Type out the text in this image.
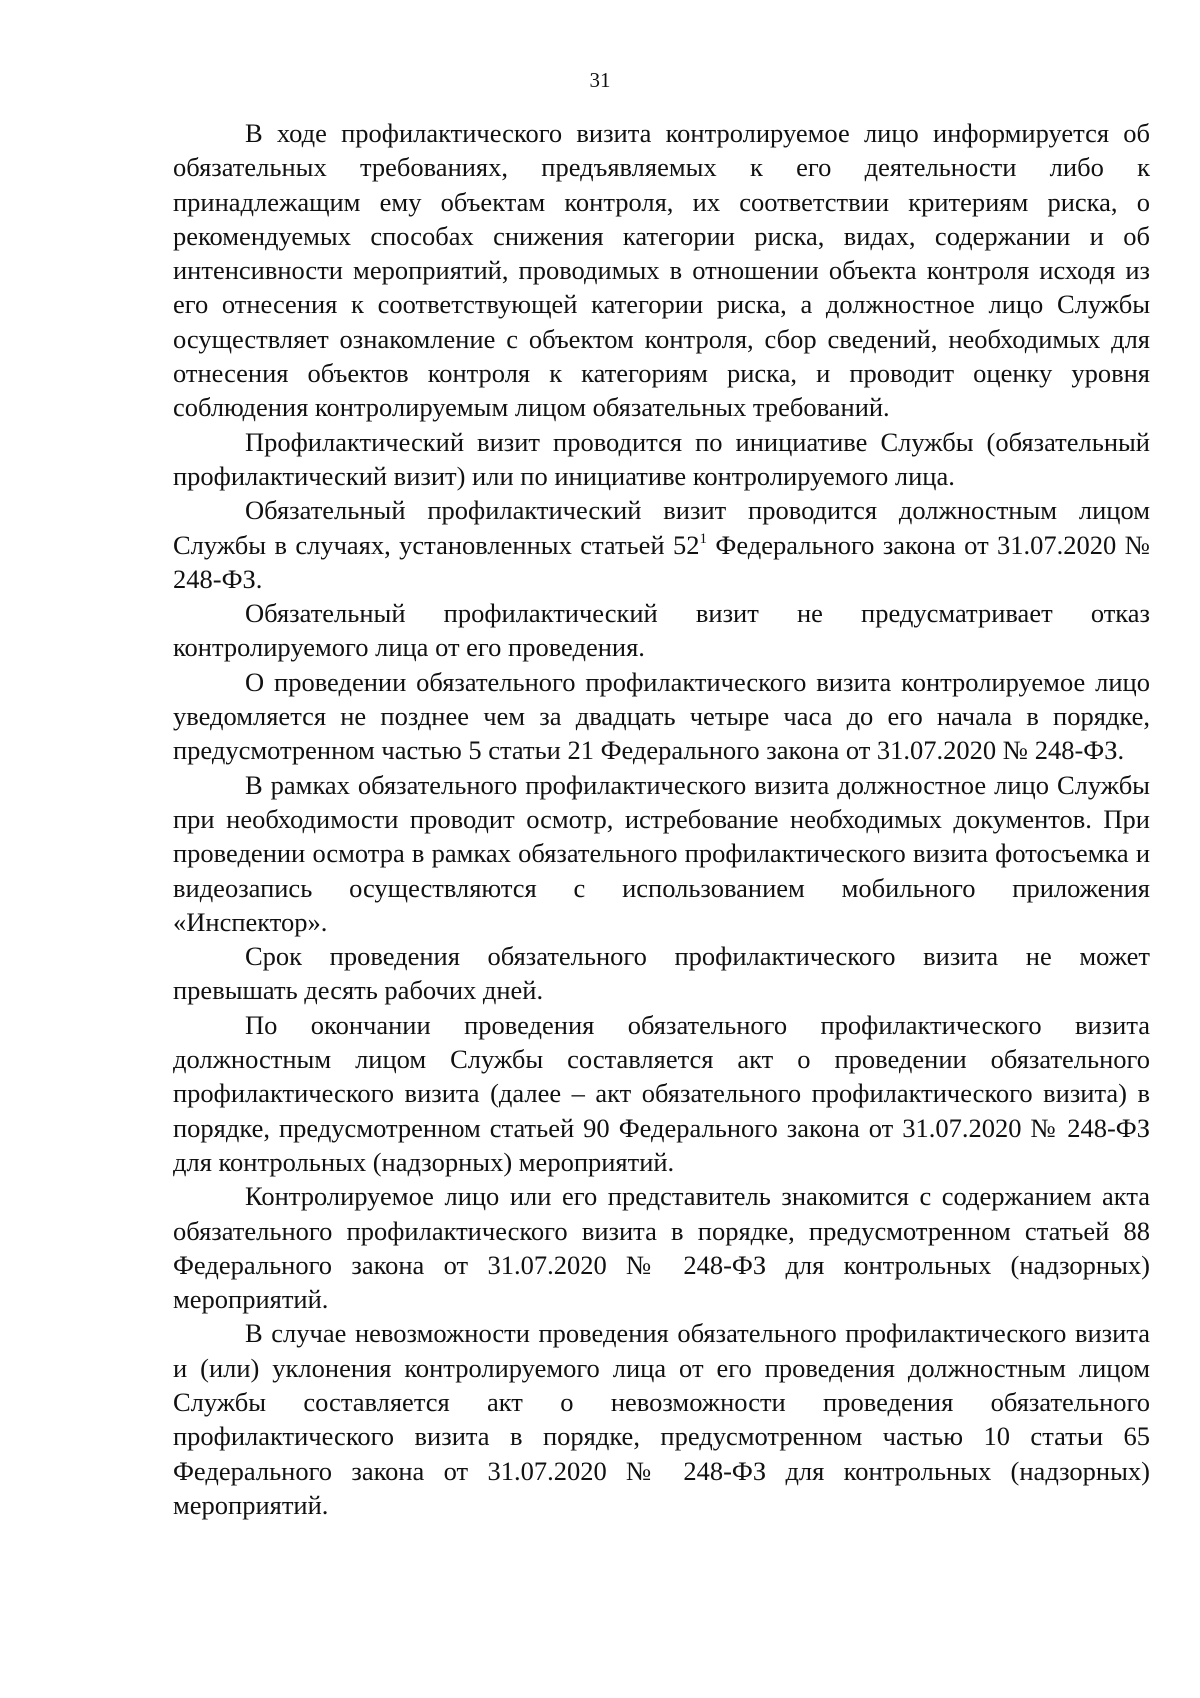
31

В ходе профилактического визита контролируемое лицо информируется об обязательных требованиях, предъявляемых к его деятельности либо к принадлежащим ему объектам контроля, их соответствии критериям риска, о рекомендуемых способах снижения категории риска, видах, содержании и об интенсивности мероприятий, проводимых в отношении объекта контроля исходя из его отнесения к соответствующей категории риска, а должностное лицо Службы осуществляет ознакомление с объектом контроля, сбор сведений, необходимых для отнесения объектов контроля к категориям риска, и проводит оценку уровня соблюдения контролируемым лицом обязательных требований.

Профилактический визит проводится по инициативе Службы (обязательный профилактический визит) или по инициативе контролируемого лица.

Обязательный профилактический визит проводится должностным лицом Службы в случаях, установленных статьей $52^1$ Федерального закона от 31.07.2020 № 248-ФЗ.

Обязательный профилактический визит не предусматривает отказ контролируемого лица от его проведения.

О проведении обязательного профилактического визита контролируемое лицо уведомляется не позднее чем за двадцать четыре часа до его начала в порядке, предусмотренном частью 5 статьи 21 Федерального закона от 31.07.2020 № 248-ФЗ.

В рамках обязательного профилактического визита должностное лицо Службы при необходимости проводит осмотр, истребование необходимых документов. При проведении осмотра в рамках обязательного профилактического визита фотосъемка и видеозапись осуществляются с использованием мобильного приложения «Инспектор».

Срок проведения обязательного профилактического визита не может превышать десять рабочих дней.

По окончании проведения обязательного профилактического визита должностным лицом Службы составляется акт о проведении обязательного профилактического визита (далее – акт обязательного профилактического визита) в порядке, предусмотренном статьей 90 Федерального закона от 31.07.2020 № 248-ФЗ для контрольных (надзорных) мероприятий.

Контролируемое лицо или его представитель знакомится с содержанием акта обязательного профилактического визита в порядке, предусмотренном статьей 88 Федерального закона от 31.07.2020 № 248-ФЗ для контрольных (надзорных) мероприятий.

В случае невозможности проведения обязательного профилактического визита и (или) уклонения контролируемого лица от его проведения должностным лицом Службы составляется акт о невозможности проведения обязательного профилактического визита в порядке, предусмотренном частью 10 статьи 65 Федерального закона от 31.07.2020 № 248-ФЗ для контрольных (надзорных) мероприятий.
